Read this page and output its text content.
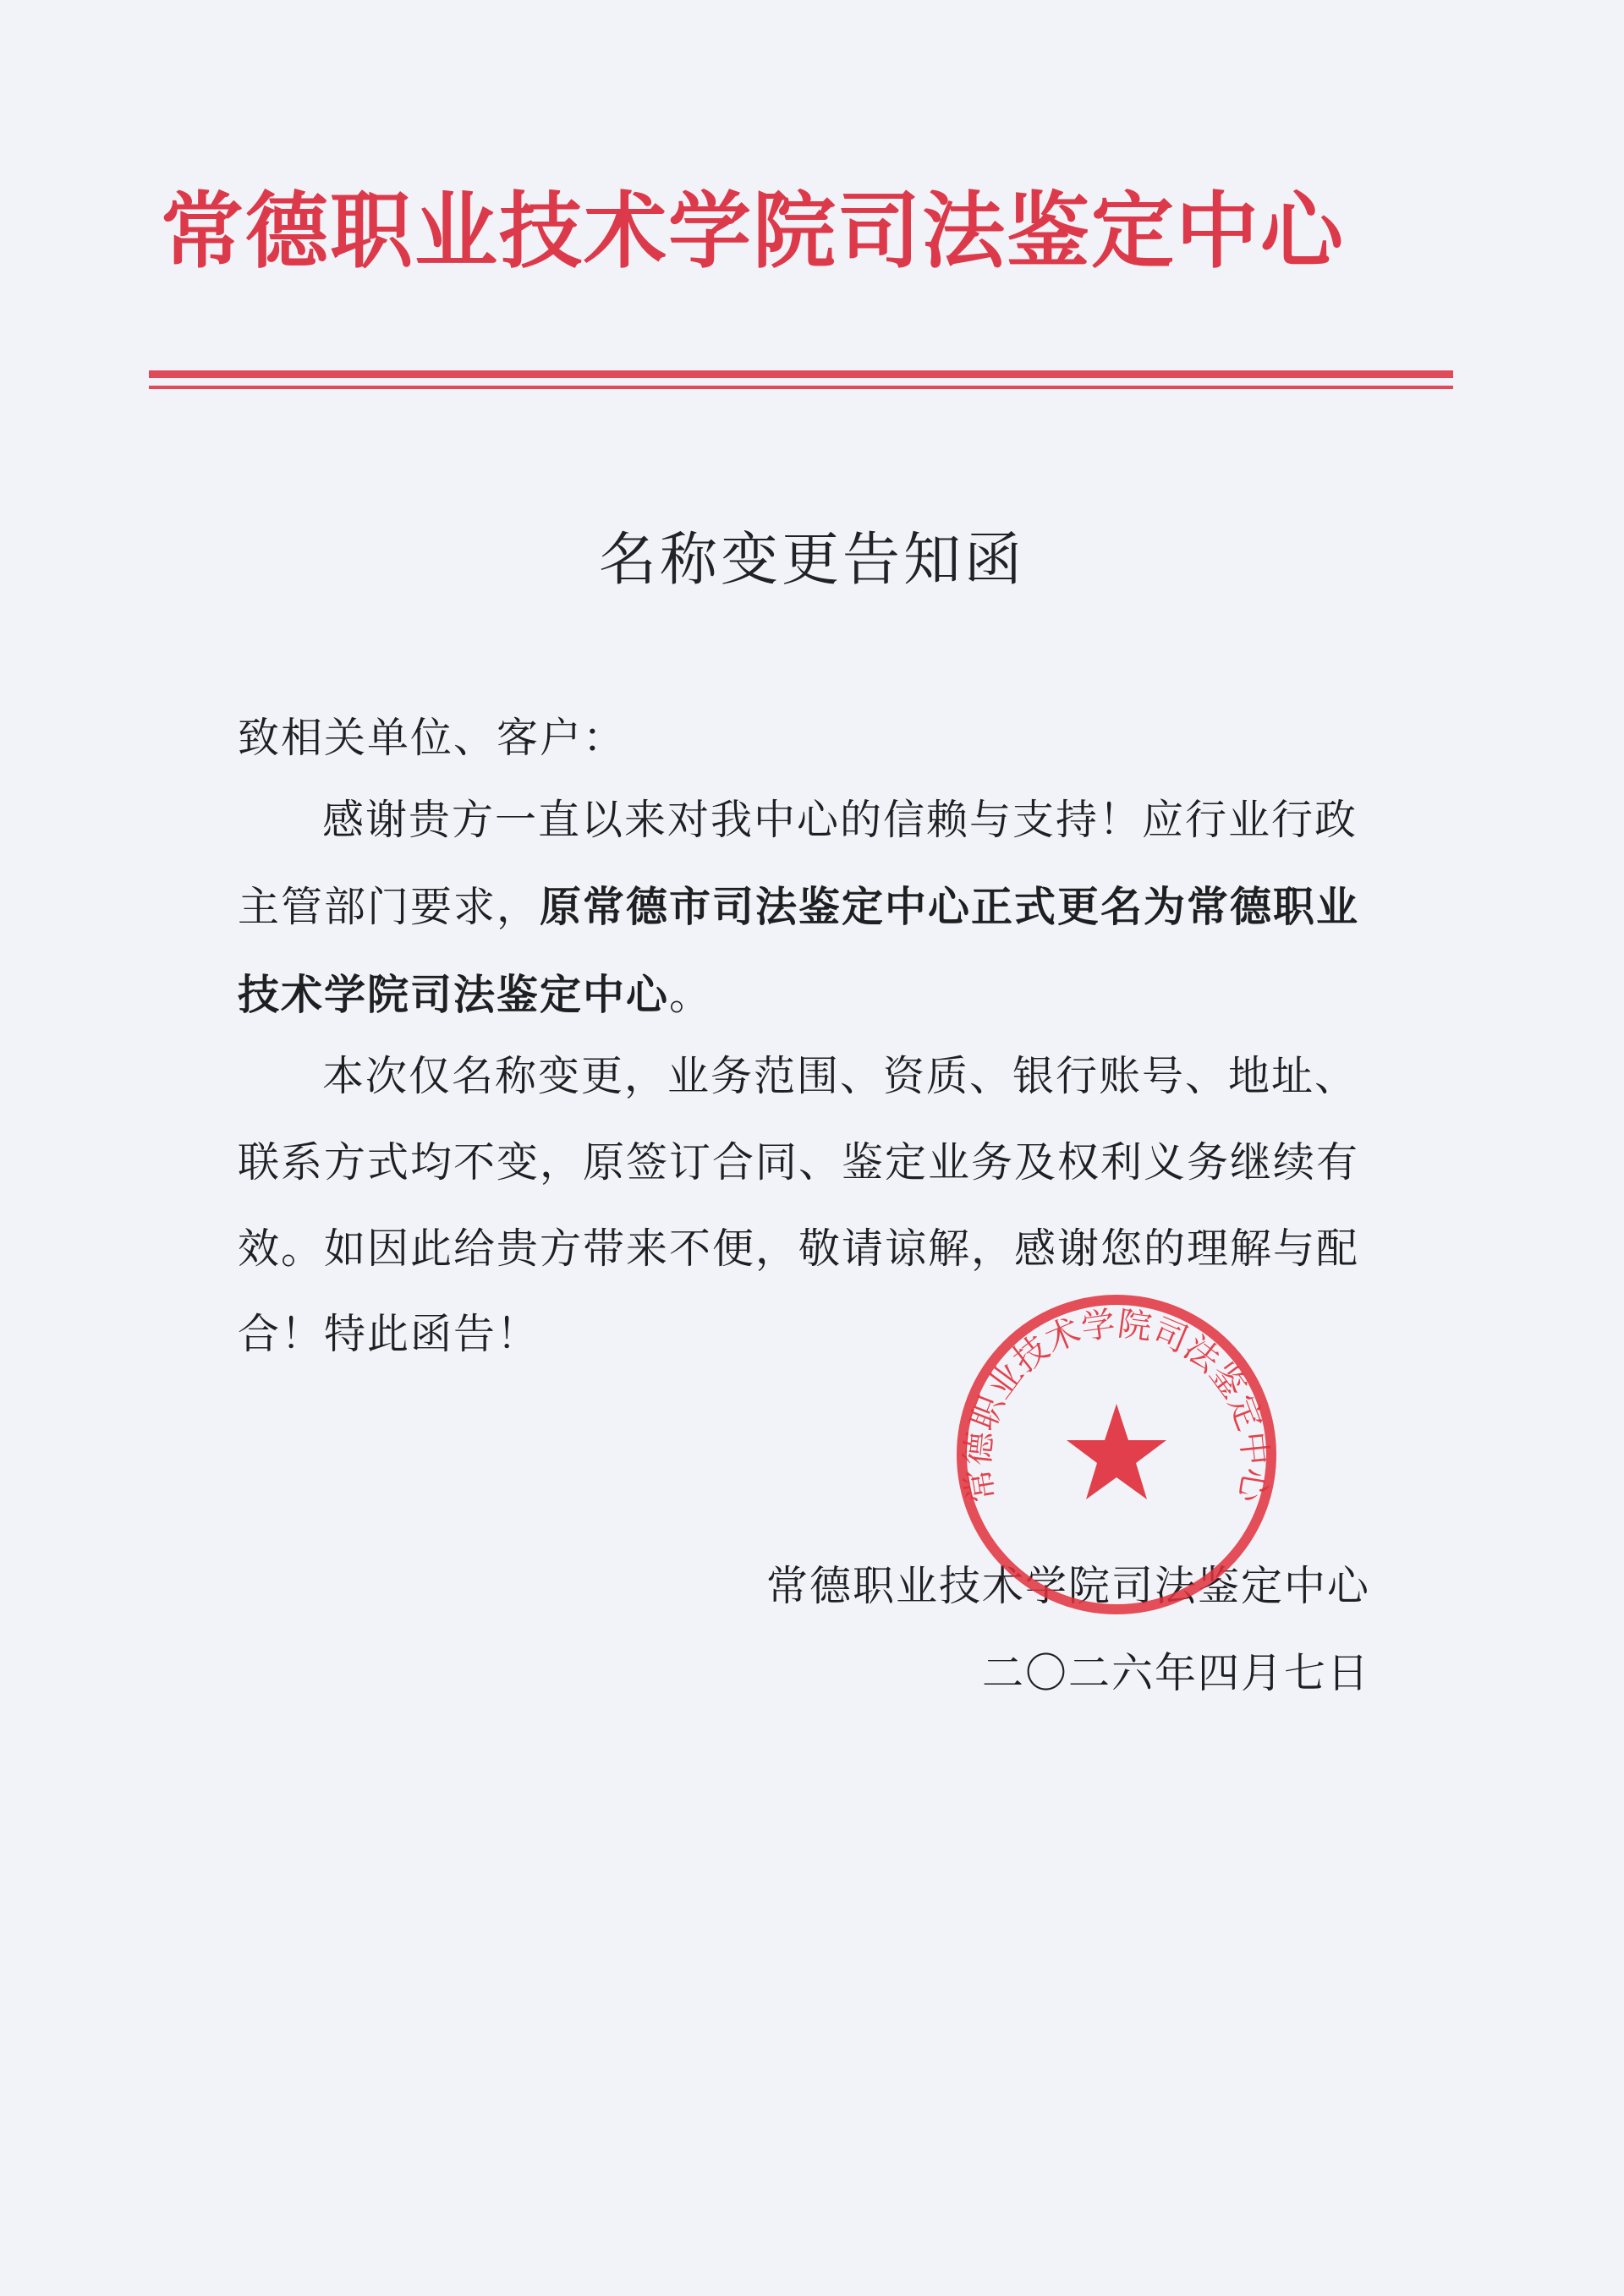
常德职业技术学院司法鉴定中心
名称变更告知函
致相关单位、客户：
感谢贵方一直以来对我中心的信赖与支持！应行业行政
主管部门要求，原常德市司法鉴定中心正式更名为常德职业
技术学院司法鉴定中心。
本次仅名称变更，业务范围、资质、银行账号、地址、
联系方式均不变，原签订合同、鉴定业务及权利义务继续有
效。如因此给贵方带来不便，敬请谅解，感谢您的理解与配
合！特此函告！
常德职业技术学院司法鉴定中心
二〇二六年四月七日
常德职业技术学院司法鉴定中心
